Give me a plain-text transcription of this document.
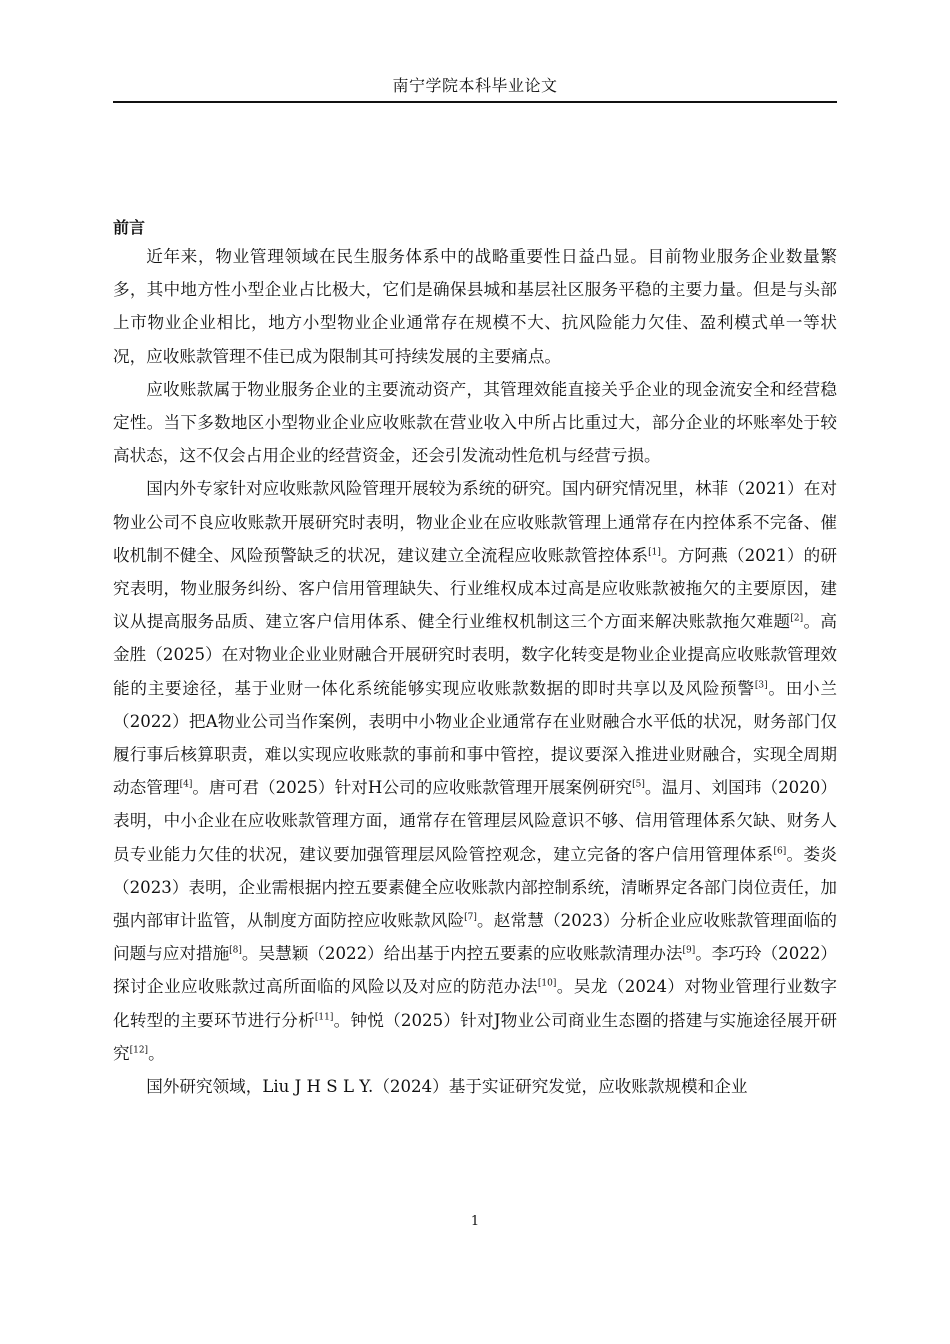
南宁学院本科毕业论文
前言

近年来，物业管理领域在民生服务体系中的战略重要性日益凸显。目前物业服务企业数量繁多，其中地方性小型企业占比极大，它们是确保县城和基层社区服务平稳的主要力量。但是与头部上市物业企业相比，地方小型物业企业通常存在规模不大、抗风险能力欠佳、盈利模式单一等状况，应收账款管理不佳已成为限制其可持续发展的主要痛点。

应收账款属于物业服务企业的主要流动资产，其管理效能直接关乎企业的现金流安全和经营稳定性。当下多数地区小型物业企业应收账款在营业收入中所占比重过大，部分企业的坏账率处于较高状态，这不仅会占用企业的经营资金，还会引发流动性危机与经营亏损。

国内外专家针对应收账款风险管理开展较为系统的研究。国内研究情况里，林菲（2021）在对物业公司不良应收账款开展研究时表明，物业企业在应收账款管理上通常存在内控体系不完备、催收机制不健全、风险预警缺乏的状况，建议建立全流程应收账款管控体系[1]。方阿燕（2021）的研究表明，物业服务纠纷、客户信用管理缺失、行业维权成本过高是应收账款被拖欠的主要原因，建议从提高服务品质、建立客户信用体系、健全行业维权机制这三个方面来解决账款拖欠难题[2]。高金胜（2025）在对物业企业业财融合开展研究时表明，数字化转变是物业企业提高应收账款管理效能的主要途径，基于业财一体化系统能够实现应收账款数据的即时共享以及风险预警[3]。田小兰（2022）把A物业公司当作案例，表明中小物业企业通常存在业财融合水平低的状况，财务部门仅履行事后核算职责，难以实现应收账款的事前和事中管控，提议要深入推进业财融合，实现全周期动态管理[4]。唐可君（2025）针对H公司的应收账款管理开展案例研究[5]。温月、刘国玮（2020）表明，中小企业在应收账款管理方面，通常存在管理层风险意识不够、信用管理体系欠缺、财务人员专业能力欠佳的状况，建议要加强管理层风险管控观念，建立完备的客户信用管理体系[6]。娄炎（2023）表明，企业需根据内控五要素健全应收账款内部控制系统，清晰界定各部门岗位责任，加强内部审计监管，从制度方面防控应收账款风险[7]。赵常慧（2023）分析企业应收账款管理面临的问题与应对措施[8]。吴慧颖（2022）给出基于内控五要素的应收账款清理办法[9]。李巧玲（2022）探讨企业应收账款过高所面临的风险以及对应的防范办法[10]。吴龙（2024）对物业管理行业数字化转型的主要环节进行分析[11]。钟悦（2025）针对J物业公司商业生态圈的搭建与实施途径展开研究[12]。

国外研究领域，Liu J H S L Y.（2024）基于实证研究发觉，应收账款规模和企业

1
